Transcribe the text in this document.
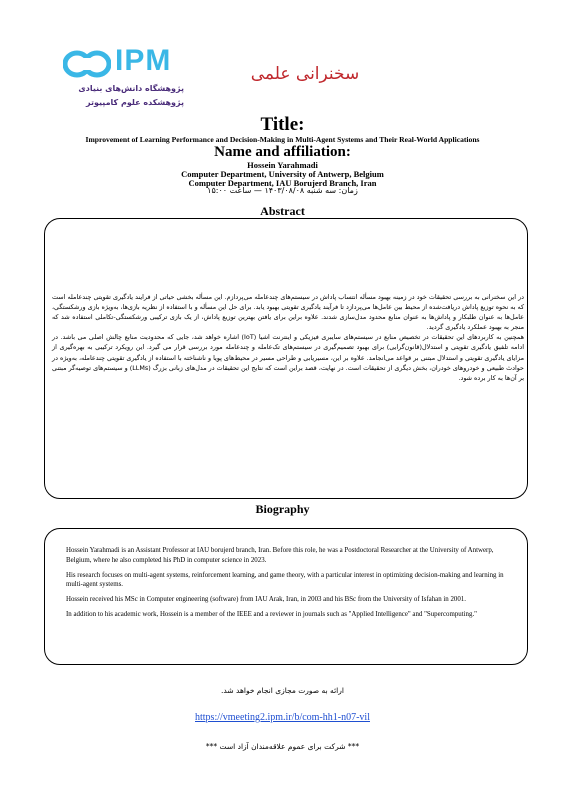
IPM
پژوهشگاه دانش‌های بنیادی
پژوهشکده علوم کامپیوتر
سخنرانی علمی
Title:
Improvement of Learning Performance and Decision-Making in Multi-Agent Systems and Their Real-World Applications
Name and affiliation:
Hossein Yarahmadi
Computer Department, University of Antwerp, Belgium
Computer Department, IAU Borujerd Branch, Iran
زمان: سه شنبه ۱۴۰۳/۰۸/۰۸ — ساعت ۱۵:۰۰
Abstract

در این سخنرانی به بررسی تحقیقات خود در زمینه بهبود مسأله انتساب پاداش در سیستم‌های چندعامله می‌پردازم. این مسأله بخشی حیاتی از فرایند یادگیری تقویتی چندعامله است که به نحوه توزیع پاداش دریافت‌شده از محیط بین عامل‌ها می‌پردازد تا فرآیند یادگیری تقویتی بهبود یابد. برای حل این مسأله و با استفاده از نظریه بازی‌ها، به‌ویژه بازی ورشکستگی، عامل‌ها به عنوان طلبکار و پاداش‌ها به عنوان منابع محدود مدل‌سازی شدند. علاوه براین برای یافتن بهترین توزیع پاداش، از یک بازی ترکیبی ورشکستگی-تکاملی استفاده شد که منجر به بهبود عملکرد یادگیری گردید.

همچنین به کاربردهای این تحقیقات در تخصیص منابع در سیستم‌های سایبری فیزیکی و اینترنت اشیا (IoT) اشاره خواهد شد، جایی که محدودیت منابع چالش اصلی می باشد. در ادامه تلفیق یادگیری تقویتی و استدلال(قانون‌گرایی) برای بهبود تصمیم‌گیری در سیستم‌های تک‌عامله و چندعامله مورد بررسی قرار می گیرد. این رویکرد ترکیبی به بهره‌گیری از مزایای یادگیری تقویتی و استدلال مبتنی بر قواعد می‌انجامد. علاوه بر این، مسیریابی و طراحی مسیر در محیط‌های پویا و ناشناخته با استفاده از یادگیری تقویتی چندعامله، به‌ویژه در حوادث طبیعی و خودروهای خودران، بخش دیگری از تحقیقات است. در نهایت، قصد براین است که نتایج این تحقیقات در مدل‌های زبانی بزرگ (LLMs) و سیستم‌های توصیه‌گر مبتنی بر آن‌ها به کار برده شود.

Biography

Hossein Yarahmadi is an Assistant Professor at IAU borujerd branch, Iran. Before this role, he was a Postdoctoral Researcher at the University of Antwerp, Belgium, where he also completed his PhD in computer science in 2023.

His research focuses on multi-agent systems, reinforcement learning, and game theory, with a particular interest in optimizing decision-making and learning in multi-agent systems.

Hossein received his MSc in Computer engineering (software) from IAU Arak, Iran, in 2003 and his BSc from the University of Isfahan in 2001.

In addition to his academic work, Hossein is a member of the IEEE and a reviewer in journals such as "Applied Intelligence" and "Supercomputing."

ارائه به صورت مجازی انجام خواهد شد.
https://vmeeting2.ipm.ir/b/com-hh1-n07-vil
*** شرکت برای عموم علاقه‌مندان آزاد است ***
